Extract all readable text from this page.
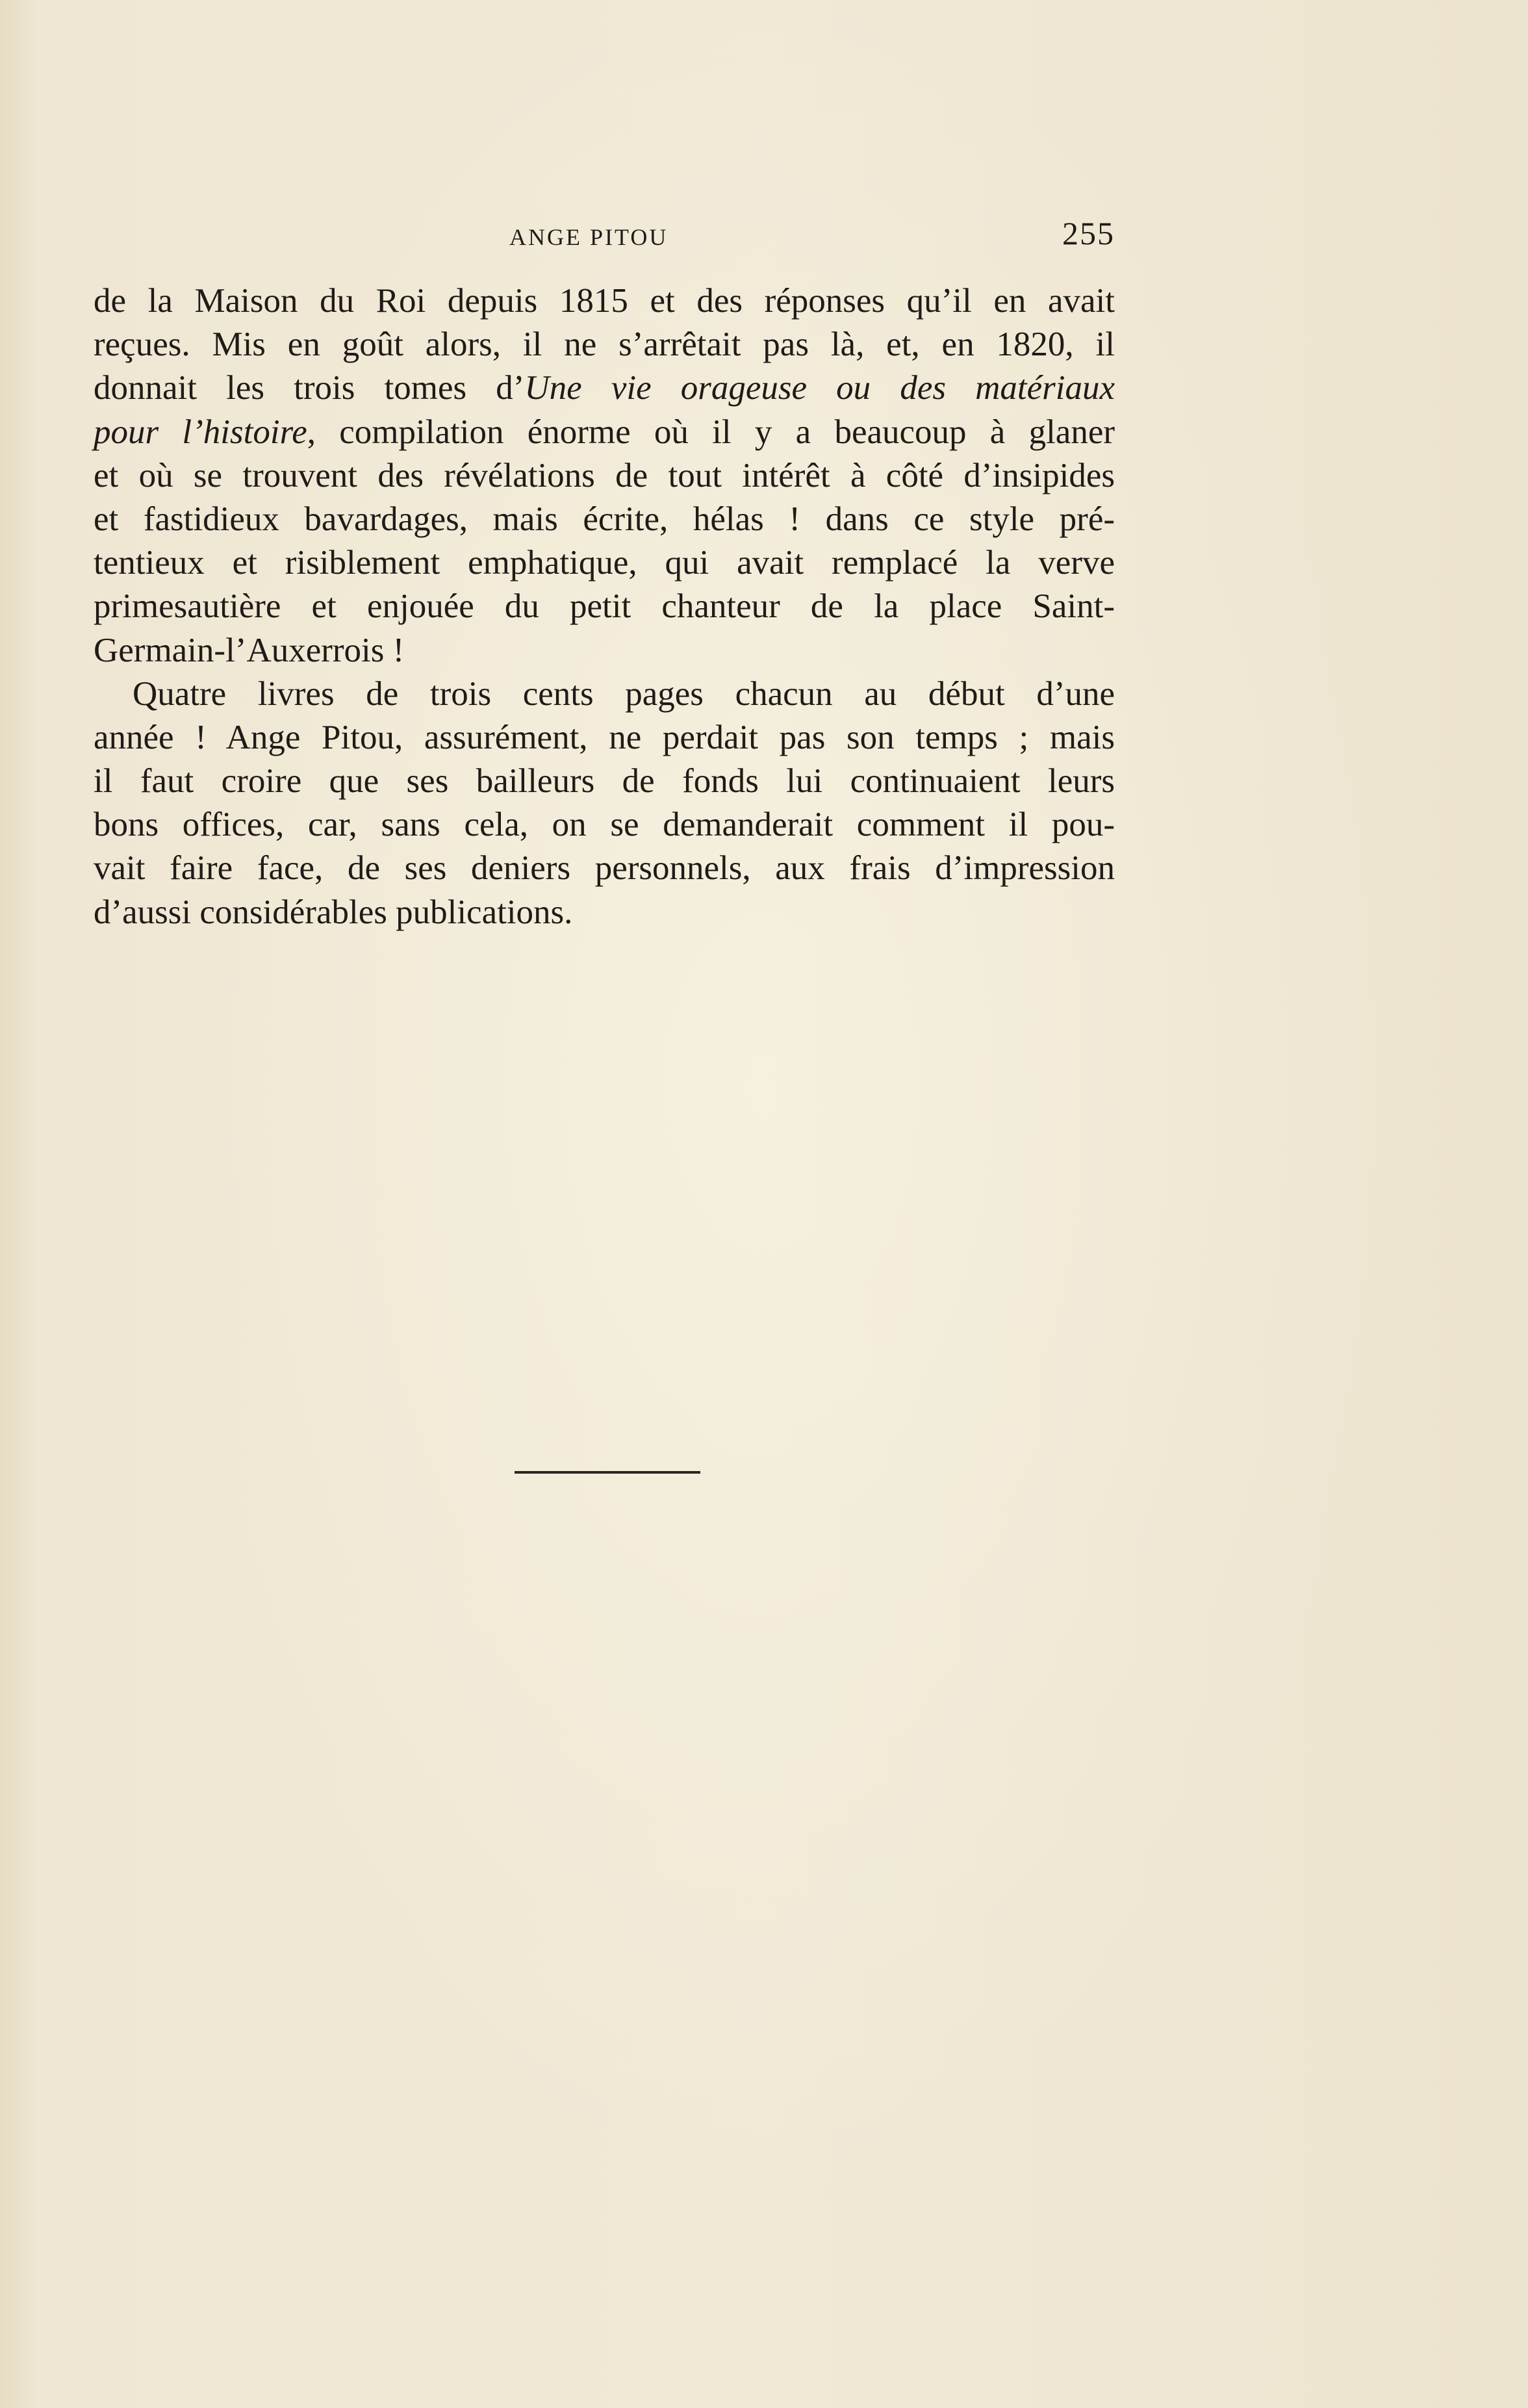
ANGE PITOU	255
de la Maison du Roi depuis 1815 et des réponses qu’il en avait
reçues. Mis en goût alors, il ne s’arrêtait pas là, et, en 1820, il
donnait les trois tomes d’Une vie orageuse ou des matériaux
pour l’histoire, compilation énorme où il y a beaucoup à glaner
et où se trouvent des révélations de tout intérêt à côté d’insipides
et fastidieux bavardages, mais écrite, hélas ! dans ce style pré-
tentieux et risiblement emphatique, qui avait remplacé la verve
primesautière et enjouée du petit chanteur de la place Saint-
Germain-l’Auxerrois !
Quatre livres de trois cents pages chacun au début d’une
année ! Ange Pitou, assurément, ne perdait pas son temps ; mais
il faut croire que ses bailleurs de fonds lui continuaient leurs
bons offices, car, sans cela, on se demanderait comment il pou-
vait faire face, de ses deniers personnels, aux frais d’impression
d’aussi considérables publications.
